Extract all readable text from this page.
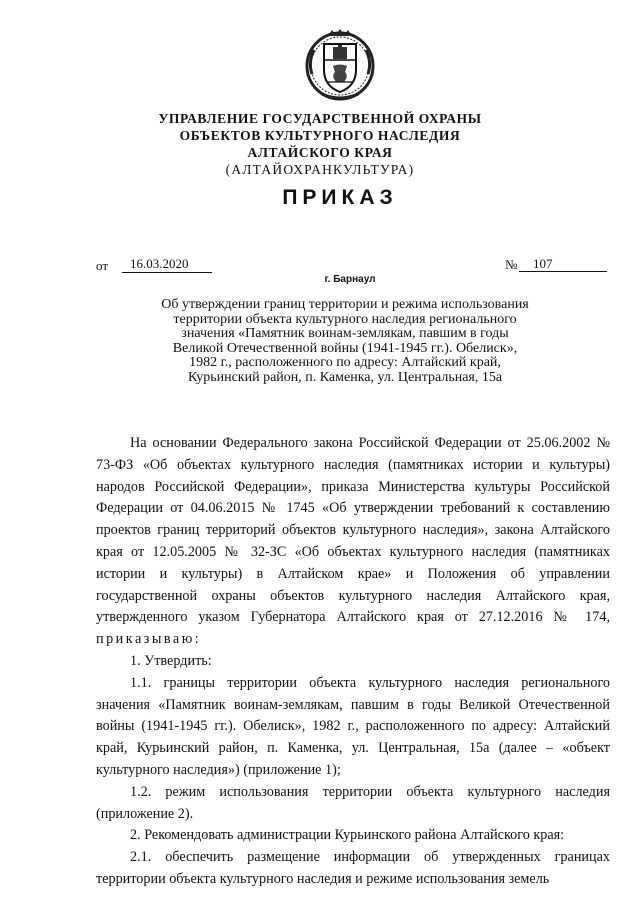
УПРАВЛЕНИЕ ГОСУДАРСТВЕННОЙ ОХРАНЫ
ОБЪЕКТОВ КУЛЬТУРНОГО НАСЛЕДИЯ
АЛТАЙСКОГО КРАЯ
(АЛТАЙОХРАНКУЛЬТУРА)
ПРИКАЗ
от	16.03.2020	№	107
г. Барнаул
Об утверждении границ территории и режима использования
территории объекта культурного наследия регионального
значения «Памятник воинам-землякам, павшим в годы
Великой Отечественной войны (1941-1945 гг.). Обелиск»,
1982 г., расположенного по адресу: Алтайский край,
Курьинский район, п. Каменка, ул. Центральная, 15а

На основании Федерального закона Российской Федерации от 25.06.2002 № 73-ФЗ «Об объектах культурного наследия (памятниках истории и культуры) народов Российской Федерации», приказа Министерства культуры Российской Федерации от 04.06.2015 № 1745 «Об утверждении требований к составлению проектов границ территорий объектов культурного наследия», закона Алтайского края от 12.05.2005 № 32-ЗС «Об объектах культурного наследия (памятниках истории и культуры) в Алтайском крае» и Положения об управлении государственной охраны объектов культурного наследия Алтайского края, утвержденного указом Губернатора Алтайского края от 27.12.2016 № 174, приказываю:

1. Утвердить:

1.1. границы территории объекта культурного наследия регионального значения «Памятник воинам-землякам, павшим в годы Великой Отечественной войны (1941-1945 гг.). Обелиск», 1982 г., расположенного по адресу: Алтайский край, Курьинский район, п. Каменка, ул. Центральная, 15а (далее – «объект культурного наследия») (приложение 1);

1.2. режим использования территории объекта культурного наследия (приложение 2).

2. Рекомендовать администрации Курьинского района Алтайского края:

2.1. обеспечить размещение информации об утвержденных границах территории объекта культурного наследия и режиме использования земель
